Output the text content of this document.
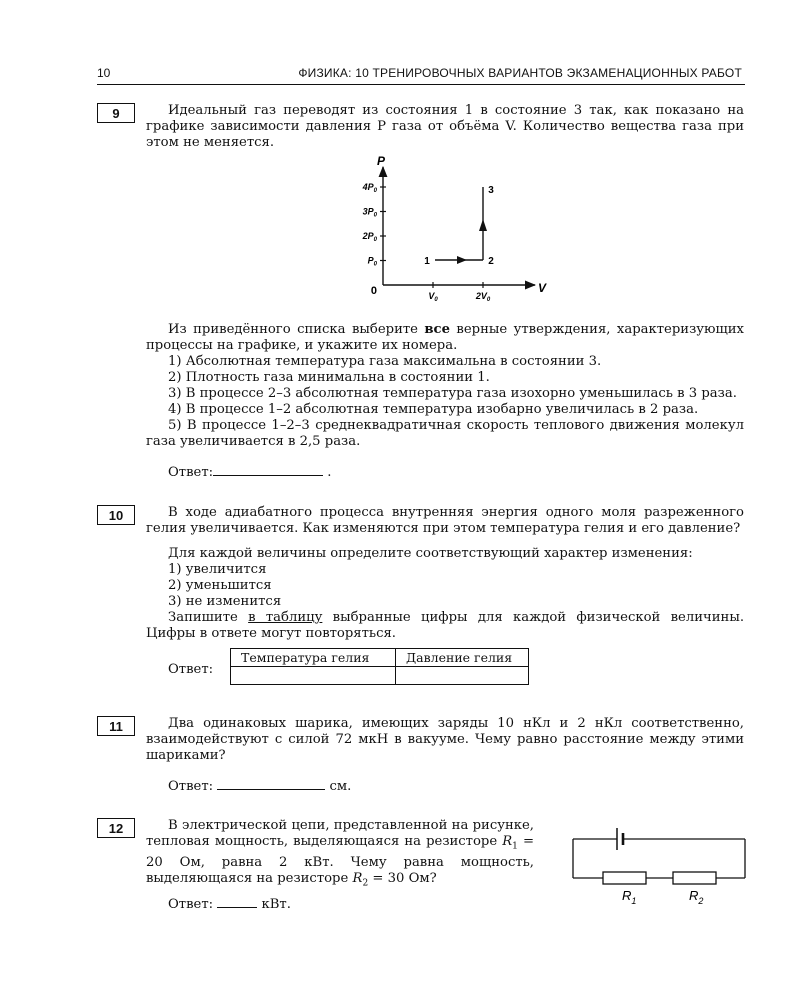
10	ФИЗИКА: 10 ТРЕНИРОВОЧНЫХ ВАРИАНТОВ ЭКЗАМЕНАЦИОННЫХ РАБОТ
9	Идеальный газ переводят из состояния 1 в состояние 3 так, как показано на графике зависимости давления P газа от объёма V. Количество вещества газа при этом не меняется.

P
V
0
$4P_0$
$3P_0$
$2P_0$
$P_0$
$V_0$	$2V_0$
1	2
3

Из приведённого списка выберите все верные утверждения, характеризующих процессы на графике, и укажите их номера.

1) Абсолютная температура газа максимальна в состоянии 3.
2) Плотность газа минимальна в состоянии 1.
3) В процессе 2–3 абсолютная температура газа изохорно уменьшилась в 3 раза.
4) В процессе 1–2 абсолютная температура изобарно увеличилась в 2 раза.

5) В процессе 1–2–3 среднеквадратичная скорость теплового движения молекул газа увеличивается в 2,5 раза.

Ответ:	.
10	В ходе адиабатного процесса внутренняя энергия одного моля разреженного гелия увеличивается. Как изменяются при этом температура гелия и его давление?

Для каждой величины определите соответствующий характер изменения:
1) увеличится
2) уменьшится
3) не изменится

Запишите в таблицу выбранные цифры для каждой физической величины. Цифры в ответе могут повторяться.

Ответ:
Температура гелия	Давление гелия

11	Два одинаковых шарика, имеющих заряды 10 нКл и 2 нКл соответственно, взаимодействуют с силой 72 мкН в вакууме. Чему равно расстояние между этими шариками?

Ответ:	см.
12	В электрической цепи, представленной на рисунке, тепловая мощность, выделяющаяся на резисторе $R_1 = 20$ Ом, равна 2 кВт. Чему равна мощность, выделяющаяся на резисторе $R_2 = 30$ Ом?

Ответ:	кВт.
$R_1$	$R_2$
